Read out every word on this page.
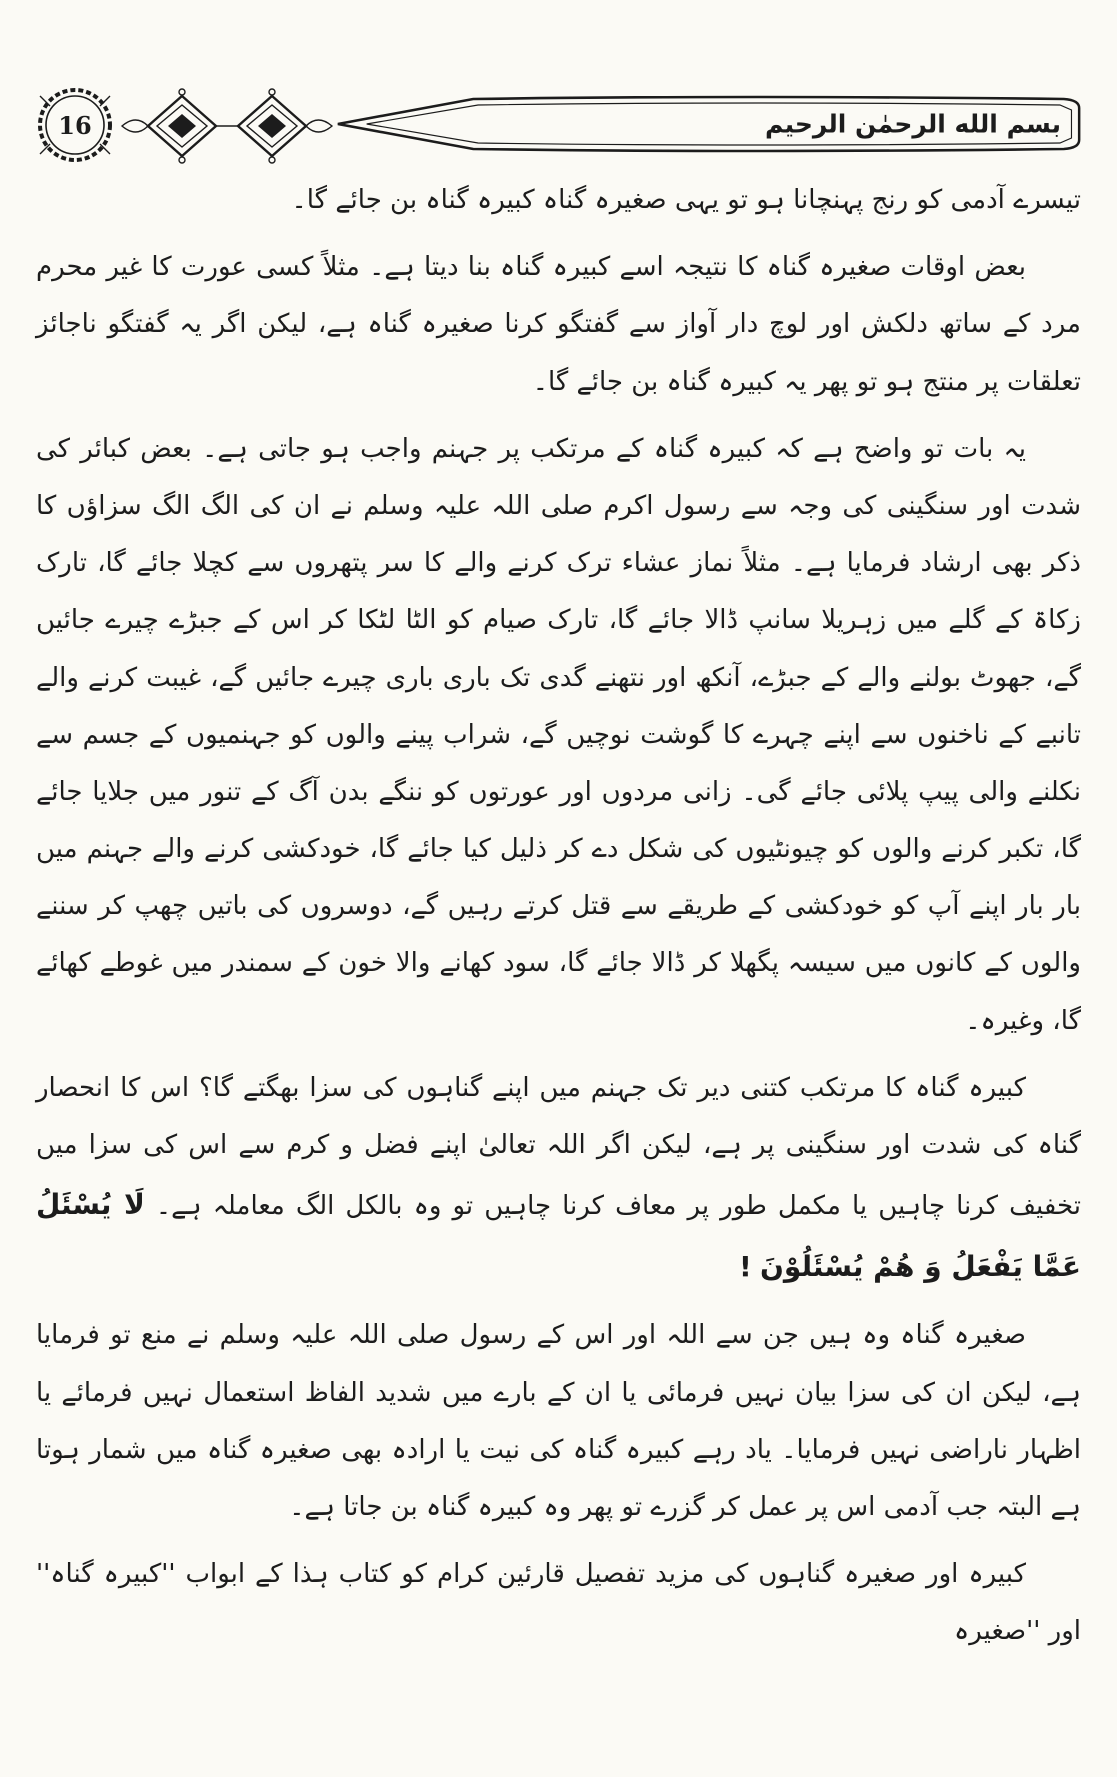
16	بسم الله الرحمٰن الرحيم

تیسرے آدمی کو رنج پہنچانا ہو تو یہی صغیرہ گناہ کبیرہ گناہ بن جائے گا۔

بعض اوقات صغیرہ گناہ کا نتیجہ اسے کبیرہ گناہ بنا دیتا ہے۔ مثلاً کسی عورت کا غیر محرم مرد کے ساتھ دلکش اور لوچ دار آواز سے گفتگو کرنا صغیرہ گناہ ہے، لیکن اگر یہ گفتگو ناجائز تعلقات پر منتج ہو تو پھر یہ کبیرہ گناہ بن جائے گا۔

یہ بات تو واضح ہے کہ کبیرہ گناہ کے مرتکب پر جہنم واجب ہو جاتی ہے۔ بعض کبائر کی شدت اور سنگینی کی وجہ سے رسول اکرم صلی اللہ علیہ وسلم نے ان کی الگ الگ سزاؤں کا ذکر بھی ارشاد فرمایا ہے۔ مثلاً نماز عشاء ترک کرنے والے کا سر پتھروں سے کچلا جائے گا، تارک زکاۃ کے گلے میں زہریلا سانپ ڈالا جائے گا، تارک صیام کو الٹا لٹکا کر اس کے جبڑے چیرے جائیں گے، جھوٹ بولنے والے کے جبڑے، آنکھ اور نتھنے گدی تک باری باری چیرے جائیں گے، غیبت کرنے والے تانبے کے ناخنوں سے اپنے چہرے کا گوشت نوچیں گے، شراب پینے والوں کو جہنمیوں کے جسم سے نکلنے والی پیپ پلائی جائے گی۔ زانی مردوں اور عورتوں کو ننگے بدن آگ کے تنور میں جلایا جائے گا، تکبر کرنے والوں کو چیونٹیوں کی شکل دے کر ذلیل کیا جائے گا، خودکشی کرنے والے جہنم میں بار بار اپنے آپ کو خودکشی کے طریقے سے قتل کرتے رہیں گے، دوسروں کی باتیں چھپ کر سننے والوں کے کانوں میں سیسہ پگھلا کر ڈالا جائے گا، سود کھانے والا خون کے سمندر میں غوطے کھائے گا، وغیرہ۔

کبیرہ گناہ کا مرتکب کتنی دیر تک جہنم میں اپنے گناہوں کی سزا بھگتے گا؟ اس کا انحصار گناہ کی شدت اور سنگینی پر ہے، لیکن اگر اللہ تعالیٰ اپنے فضل و کرم سے اس کی سزا میں تخفیف کرنا چاہیں یا مکمل طور پر معاف کرنا چاہیں تو وہ بالکل الگ معاملہ ہے۔ لَا يُسْئَلُ عَمَّا يَفْعَلُ وَ هُمْ يُسْئَلُوْنَ !

صغیرہ گناہ وہ ہیں جن سے اللہ اور اس کے رسول صلی اللہ علیہ وسلم نے منع تو فرمایا ہے، لیکن ان کی سزا بیان نہیں فرمائی یا ان کے بارے میں شدید الفاظ استعمال نہیں فرمائے یا اظہار ناراضی نہیں فرمایا۔ یاد رہے کبیرہ گناہ کی نیت یا ارادہ بھی صغیرہ گناہ میں شمار ہوتا ہے البتہ جب آدمی اس پر عمل کر گزرے تو پھر وہ کبیرہ گناہ بن جاتا ہے۔

کبیرہ اور صغیرہ گناہوں کی مزید تفصیل قارئین کرام کو کتاب ہذا کے ابواب ''کبیرہ گناہ'' اور ''صغیرہ
